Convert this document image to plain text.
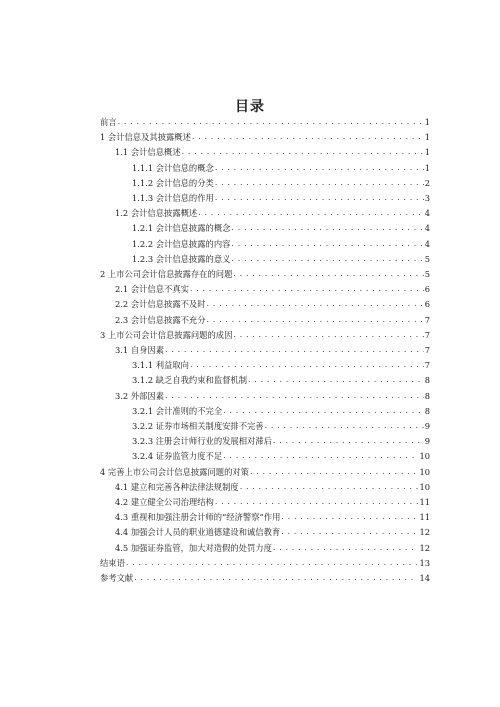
目录
前言 . . .	1
1 会计信息及其披露概述 . . .	1
1.1 会计信息概述 . . .	1
1.1.1 会计信息的概念 . . .	1
1.1.2 会计信息的分类 . . .	2
1.1.3 会计信息的作用 . . .	3
1.2 会计信息披露概述 . . .	4
1.2.1 会计信息披露的概念 . . .	4
1.2.2 会计信息披露的内容 . . .	4
1.2.3 会计信息披露的意义 . . .	5
2 上市公司会计信息披露存在的问题 . . .	5
2.1 会计信息不真实 . . .	6
2.2 会计信息披露不及时 . . .	6
2.3 会计信息披露不充分 . . .	7
3 上市公司会计信息披露问题的成因 . . .	7
3.1 自身因素 . . .	7
3.1.1 利益取向 . . .	7
3.1.2 缺乏自我约束和监督机制 . . .	8
3.2 外部因素 . . .	8
3.2.1 会计准则的不完全 . . .	8
3.2.2 证券市场相关制度安排不完善 . . .	9
3.2.3 注册会计师行业的发展相对滞后 . . .	9
3.2.4 证券监管力度不足 . . .	10
4 完善上市公司会计信息披露问题的对策 . . .	10
4.1 建立和完善各种法律法规制度 . . .	10
4.2 建立健全公司治理结构 . . .	11
4.3 重视和加强注册会计师的“经济警察”作用 . . .	11
4.4 加强会计人员的职业道德建设和诚信教育 . . .	12
4.5 加强证券监管，加大对造假的处罚力度 . . .	12
结束语 . . .	13
参考文献 . . .	14
